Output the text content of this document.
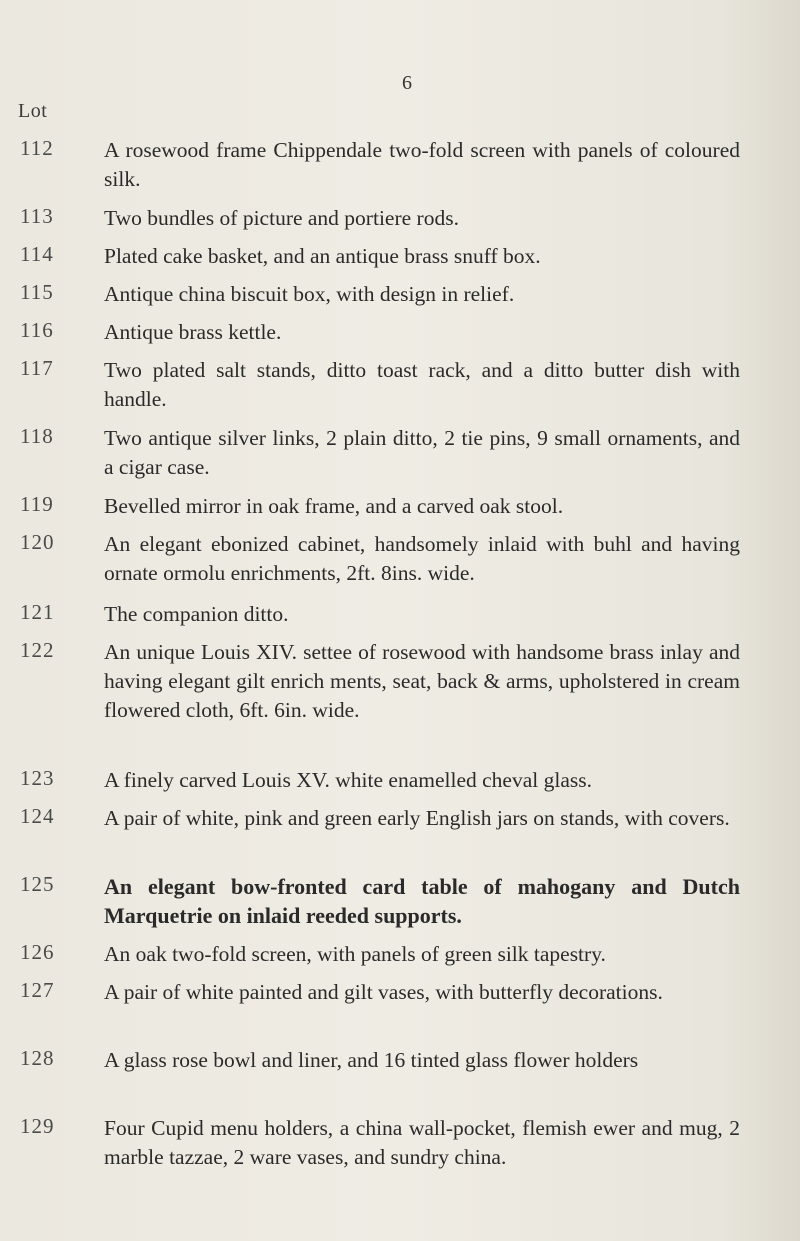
6
Lot
112 A rosewood frame Chippendale two-fold screen with panels of coloured silk.
113 Two bundles of picture and portiere rods.
114 Plated cake basket, and an antique brass snuff box.
115 Antique china biscuit box, with design in relief.
116 Antique brass kettle.
117 Two plated salt stands, ditto toast rack, and a ditto butter dish with handle.
118 Two antique silver links, 2 plain ditto, 2 tie pins, 9 small ornaments, and a cigar case.
119 Bevelled mirror in oak frame, and a carved oak stool.
120 An elegant ebonized cabinet, handsomely inlaid with buhl and having ornate ormolu enrichments, 2ft. 8ins. wide.
121 The companion ditto.
122 An unique Louis XIV. settee of rosewood with handsome brass inlay and having elegant gilt enrich ments, seat, back & arms, upholstered in cream flowered cloth, 6ft. 6in. wide.
123 A finely carved Louis XV. white enamelled cheval glass.
124 A pair of white, pink and green early English jars on stands, with covers.
125 An elegant bow-fronted card table of mahogany and Dutch Marquetrie on inlaid reeded supports.
126 An oak two-fold screen, with panels of green silk tapestry.
127 A pair of white painted and gilt vases, with butterfly decorations.
128 A glass rose bowl and liner, and 16 tinted glass flower holders
129 Four Cupid menu holders, a china wall-pocket, flemish ewer and mug, 2 marble tazzae, 2 ware vases, and sundry china.
